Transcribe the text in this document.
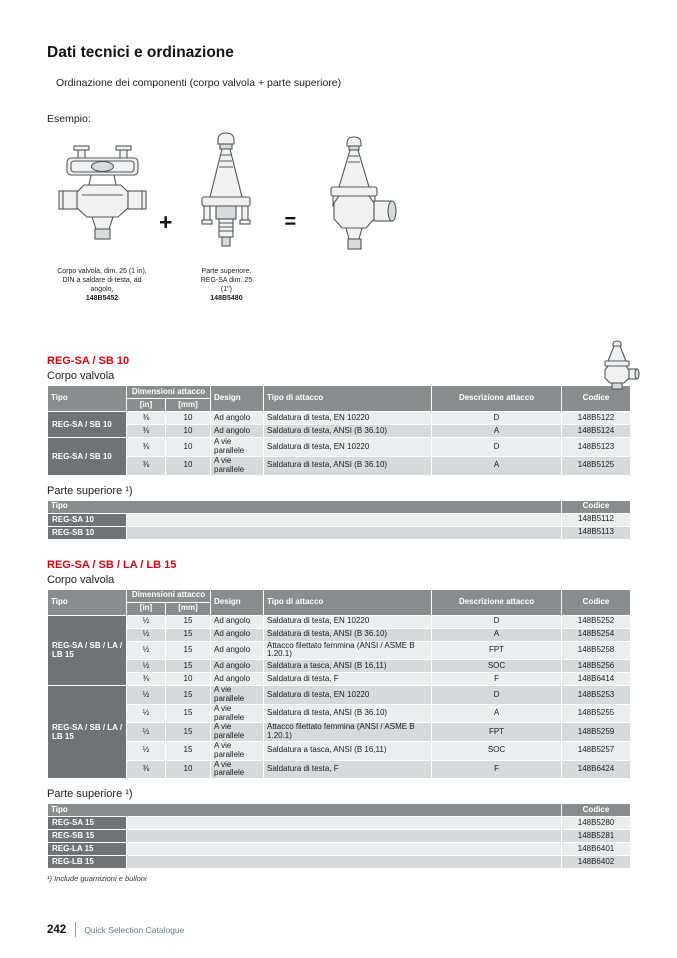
Dati tecnici e ordinazione

Ordinazione dei componenti (corpo valvola + parte superiore)

Esempio:

Corpo valvola, dim. 25 (1 in), DIN a saldare di testa, ad angolo,
148B5452
+
Parte superiore, REG-SA dim. 25 (1")
148B5480
=
REG-SA / SB 10

Corpo valvola

Tipo	Dimensioni attacco		Design	Tipo di attacco	Descrizione attacco	Codice
	[in]	[mm]				
REG-SA / SB 10	⅜	10	Ad angolo	Saldatura di testa, EN 10220	D	148B5122
	⅜	10	Ad angolo	Saldatura di testa, ANSI (B 36.10)	A	148B5124
REG-SA / SB 10	⅜	10	A vie parallele	Saldatura di testa, EN 10220	D	148B5123
	⅜	10	A vie parallele	Saldatura di testa, ANSI (B 36.10)	A	148B5125

Parte superiore ¹)

Tipo		Codice
REG-SA 10		148B5112
REG-SB 10		148B5113
REG-SA / SB / LA / LB 15

Corpo valvola

Tipo	Dimensioni attacco		Design	Tipo di attacco	Descrizione attacco	Codice
	[in]	[mm]				
REG-SA / SB / LA / LB 15	½	15	Ad angolo	Saldatura di testa, EN 10220	D	148B5252
	½	15	Ad angolo	Saldatura di testa, ANSI (B 36.10)	A	148B5254
	½	15	Ad angolo	Attacco filettato femmina (ANSI / ASME B 1.20.1)	FPT	148B5258
	½	15	Ad angolo	Saldatura a tasca, ANSI (B 16,11)	SOC	148B5256
	⅜	10	Ad angolo	Saldatura di testa, F	F	148B6414
REG-SA / SB / LA / LB 15	½	15	A vie parallele	Saldatura di testa, EN 10220	D	148B5253
	½	15	A vie parallele	Saldatura di testa, ANSI (B 36.10)	A	148B5255
	½	15	A vie parallele	Attacco filettato femmina (ANSI / ASME B 1.20.1)	FPT	148B5259
	½	15	A vie parallele	Saldatura a tasca, ANSI (B 16,11)	SOC	148B5257
	⅜	10	A vie parallele	Saldatura di testa, F	F	148B6424

Parte superiore ¹)

Tipo		Codice
REG-SA 15		148B5280
REG-SB 15		148B5281
REG-LA 15		148B6401
REG-LB 15		148B6402

¹) Include guarnizioni e bulloni

242 Quick Selection Catalogue
